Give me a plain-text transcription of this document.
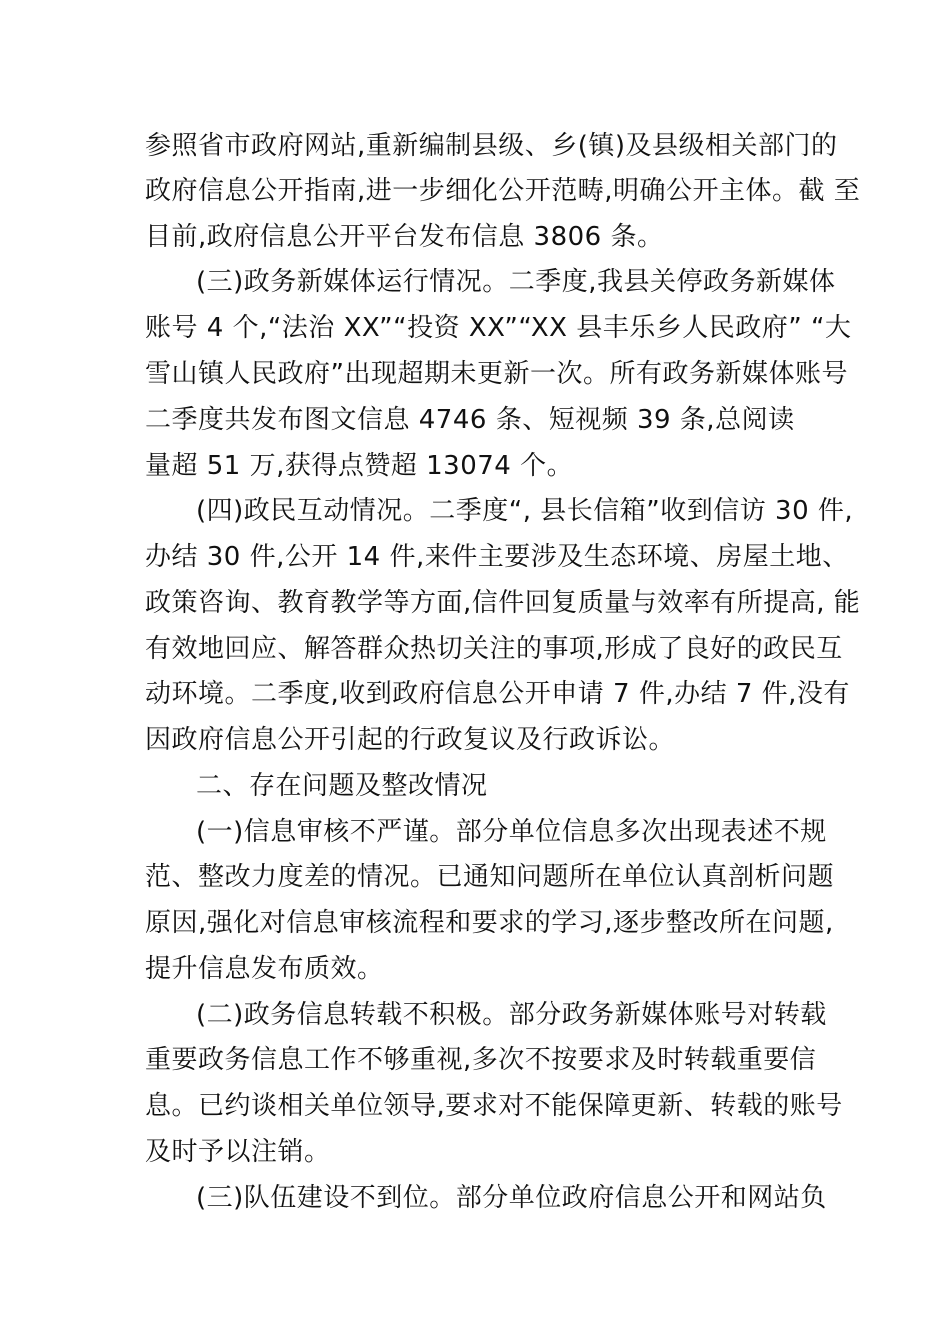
参照省市政府网站,重新编制县级、乡(镇)及县级相关部门的

政府信息公开指南,进一步细化公开范畴,明确公开主体。截 至

目前,政府信息公开平台发布信息 3806 条。

(三)政务新媒体运行情况。二季度,我县关停政务新媒体

账号 4 个,“法治 XX”“投资 XX”“XX 县丰乐乡人民政府” “大

雪山镇人民政府”出现超期未更新一次。所有政务新媒体账号

二季度共发布图文信息 4746 条、短视频 39 条,总阅读

量超 51 万,获得点赞超 13074 个。

(四)政民互动情况。二季度“, 县长信箱”收到信访 30 件,

办结 30 件,公开 14 件,来件主要涉及生态环境、房屋土地、

政策咨询、教育教学等方面,信件回复质量与效率有所提高, 能

有效地回应、解答群众热切关注的事项,形成了良好的政民互

动环境。二季度,收到政府信息公开申请 7 件,办结 7 件,没有

因政府信息公开引起的行政复议及行政诉讼。

二、存在问题及整改情况

(一)信息审核不严谨。部分单位信息多次出现表述不规

范、整改力度差的情况。已通知问题所在单位认真剖析问题

原因,强化对信息审核流程和要求的学习,逐步整改所在问题,

提升信息发布质效。

(二)政务信息转载不积极。部分政务新媒体账号对转载

重要政务信息工作不够重视,多次不按要求及时转载重要信

息。已约谈相关单位领导,要求对不能保障更新、转载的账号

及时予以注销。

(三)队伍建设不到位。部分单位政府信息公开和网站负
